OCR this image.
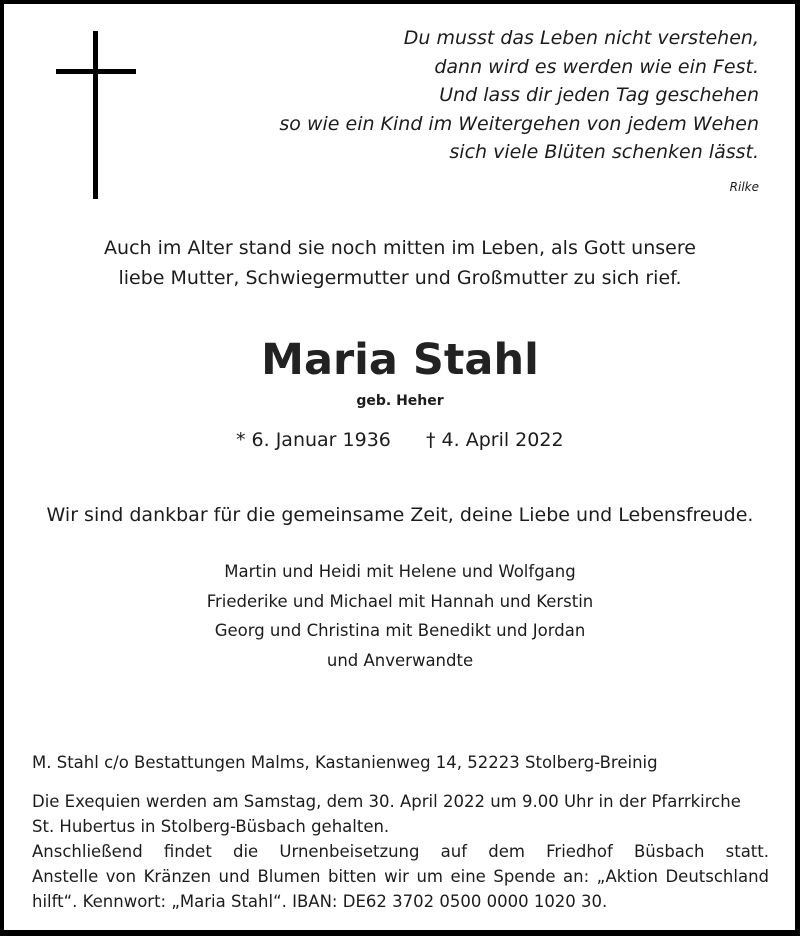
Du musst das Leben nicht verstehen,
dann wird es werden wie ein Fest.
Und lass dir jeden Tag geschehen
so wie ein Kind im Weitergehen von jedem Wehen
sich viele Blüten schenken lässt.
Rilke
Auch im Alter stand sie noch mitten im Leben, als Gott unsere
liebe Mutter, Schwiegermutter und Großmutter zu sich rief.
Maria Stahl
geb. Heher
* 6. Januar 1936 † 4. April 2022
Wir sind dankbar für die gemeinsame Zeit, deine Liebe und Lebensfreude.
Martin und Heidi mit Helene und Wolfgang
Friederike und Michael mit Hannah und Kerstin
Georg und Christina mit Benedikt und Jordan
und Anverwandte
M. Stahl c/o Bestattungen Malms, Kastanienweg 14, 52223 Stolberg-Breinig
Die Exequien werden am Samstag, dem 30. April 2022 um 9.00 Uhr in der Pfarrkirche
St. Hubertus in Stolberg-Büsbach gehalten.
Anschließend findet die Urnenbeisetzung auf dem Friedhof Büsbach statt.
Anstelle von Kränzen und Blumen bitten wir um eine Spende an: „Aktion Deutschland
hilft“. Kennwort: „Maria Stahl“. IBAN: DE62 3702 0500 0000 1020 30.
